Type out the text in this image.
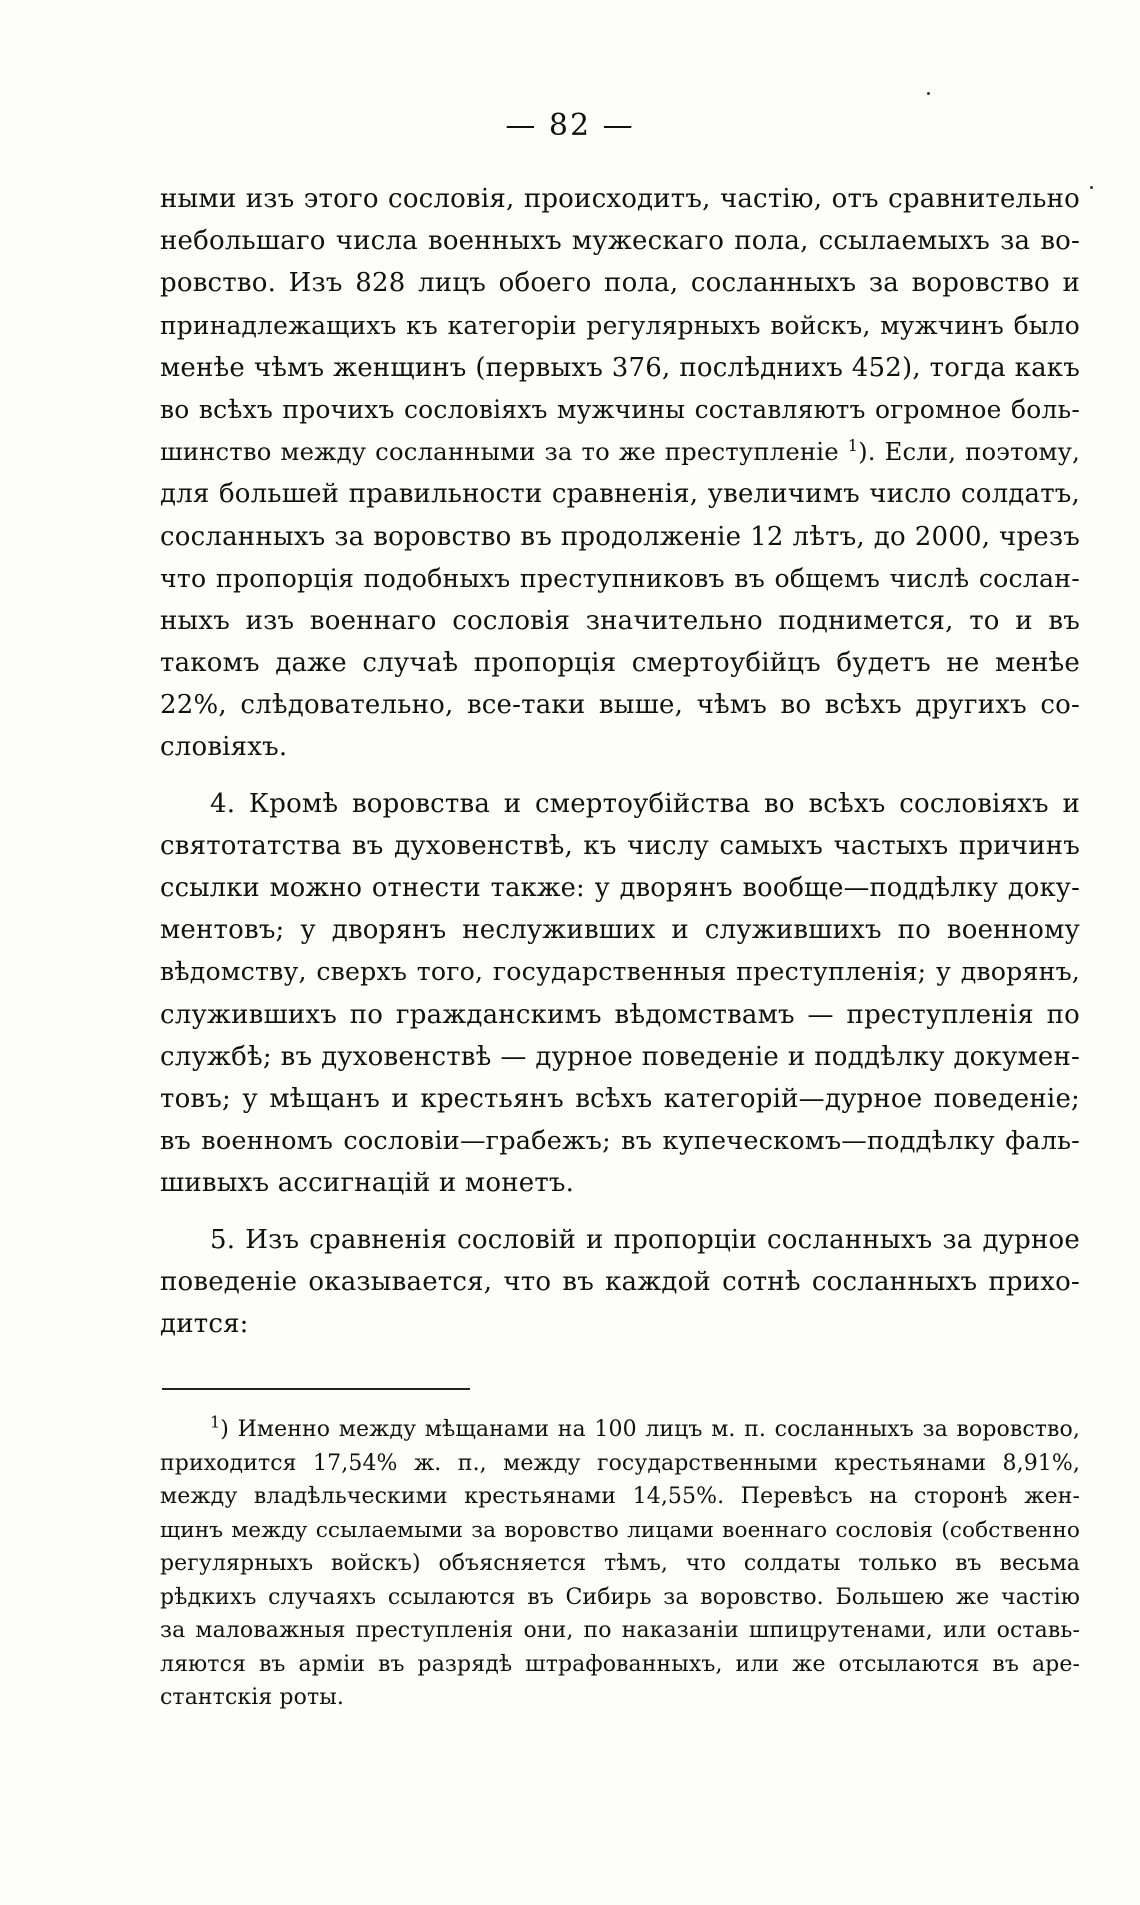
— 82 —
ными изъ этого сословія, происходитъ, частію, отъ сравнительно
небольшаго числа военныхъ мужескаго пола, ссылаемыхъ за во-
ровство. Изъ 828 лицъ обоего пола, сосланныхъ за воровство и
принадлежащихъ къ категоріи регулярныхъ войскъ, мужчинъ было
менѣе чѣмъ женщинъ (первыхъ 376, послѣднихъ 452), тогда какъ
во всѣхъ прочихъ сословіяхъ мужчины составляютъ огромное боль-
шинство между сосланными за то же преступленіе $^1$). Если, поэтому,
для большей правильности сравненія, увеличимъ число солдатъ,
сосланныхъ за воровство въ продолженіе 12 лѣтъ, до 2000, чрезъ
что пропорція подобныхъ преступниковъ въ общемъ числѣ сослан-
ныхъ изъ военнаго сословія значительно поднимется, то и въ
такомъ даже случаѣ пропорція смертоубійцъ будетъ не менѣе
22%, слѣдовательно, все-таки выше, чѣмъ во всѣхъ другихъ со-
словіяхъ.
4. Кромѣ воровства и смертоубійства во всѣхъ сословіяхъ и
святотатства въ духовенствѣ, къ числу самыхъ частыхъ причинъ
ссылки можно отнести также: у дворянъ вообще—поддѣлку доку-
ментовъ; у дворянъ неслуживших и служившихъ по военному
вѣдомству, сверхъ того, государственныя преступленія; у дворянъ,
служившихъ по гражданскимъ вѣдомствамъ — преступленія по
службѣ; въ духовенствѣ — дурное поведеніе и поддѣлку докумен-
товъ; у мѣщанъ и крестьянъ всѣхъ категорій—дурное поведеніе;
въ военномъ сословіи—грабежъ; въ купеческомъ—поддѣлку фаль-
шивыхъ ассигнацій и монетъ.
5. Изъ сравненія сословій и пропорціи сосланныхъ за дурное
поведеніе оказывается, что въ каждой сотнѣ сосланныхъ прихо-
дится:
$^1$) Именно между мѣщанами на 100 лицъ м. п. сосланныхъ за воровство,
приходится 17,54% ж. п., между государственными крестьянами 8,91%,
между владѣльческими крестьянами 14,55%. Перевѣсъ на сторонѣ жен-
щинъ между ссылаемыми за воровство лицами военнаго сословія (собственно
регулярныхъ войскъ) объясняется тѣмъ, что солдаты только въ весьма
рѣдкихъ случаяхъ ссылаются въ Сибирь за воровство. Большею же частію
за маловажныя преступленія они, по наказаніи шпицрутенами, или оставь-
ляются въ арміи въ разрядѣ штрафованныхъ, или же отсылаются въ аре-
стантскія роты.
